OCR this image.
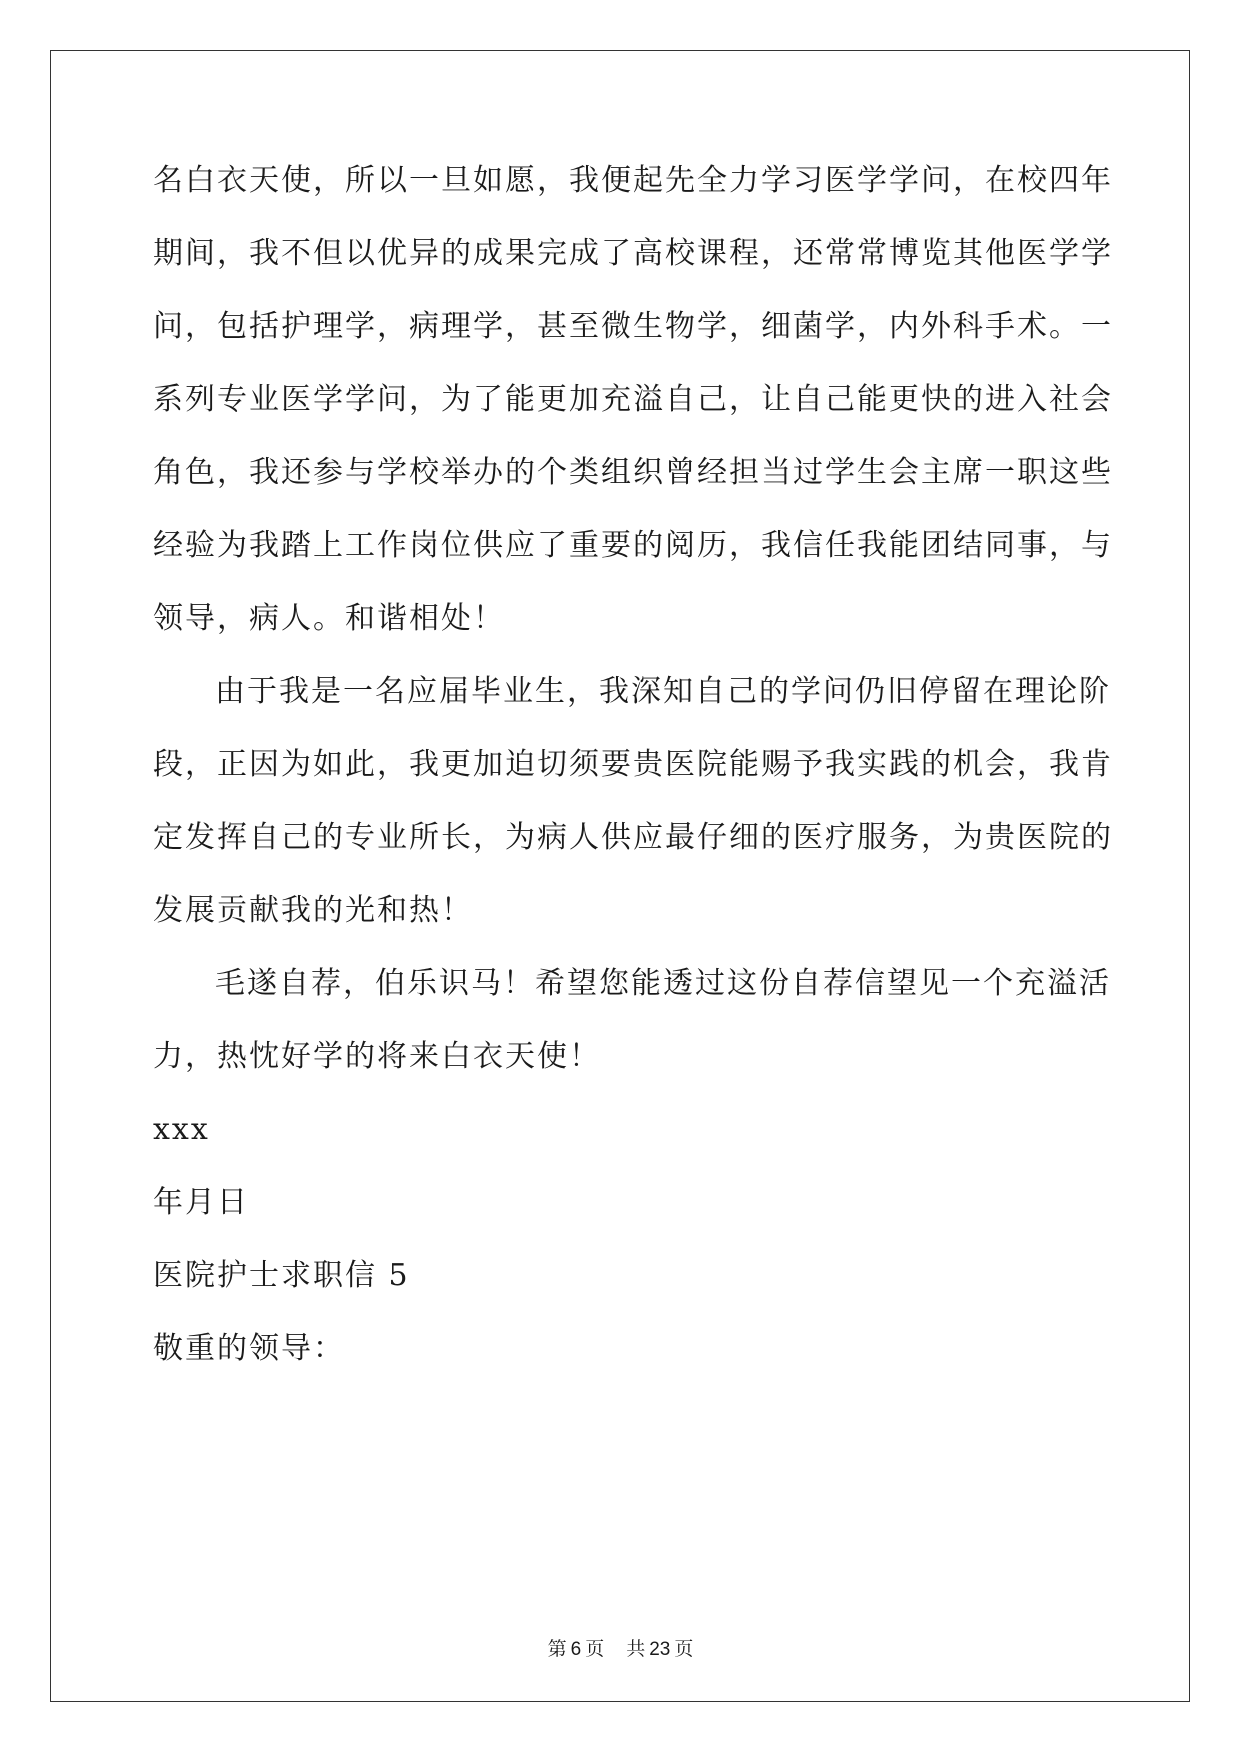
名白衣天使，所以一旦如愿，我便起先全力学习医学学问，在校四年
期间，我不但以优异的成果完成了高校课程，还常常博览其他医学学
问，包括护理学，病理学，甚至微生物学，细菌学，内外科手术。一
系列专业医学学问，为了能更加充溢自己，让自己能更快的进入社会
角色，我还参与学校举办的个类组织曾经担当过学生会主席一职这些
经验为我踏上工作岗位供应了重要的阅历，我信任我能团结同事，与
领导，病人。和谐相处！
由于我是一名应届毕业生，我深知自己的学问仍旧停留在理论阶
段，正因为如此，我更加迫切须要贵医院能赐予我实践的机会，我肯
定发挥自己的专业所长，为病人供应最仔细的医疗服务，为贵医院的
发展贡献我的光和热！
毛遂自荐，伯乐识马！希望您能透过这份自荐信望见一个充溢活
力，热忱好学的将来白衣天使！
xxx
年月日
医院护士求职信 5
敬重的领导：
第 6 页 共 23 页
